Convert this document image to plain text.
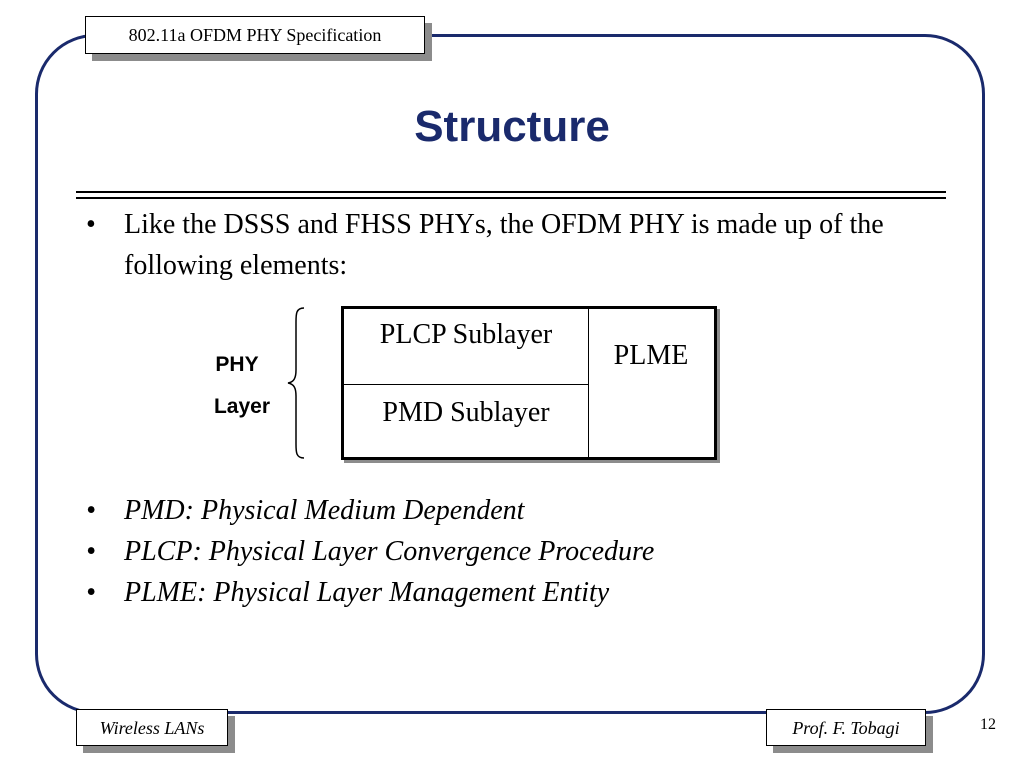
802.11a OFDM PHY Specification
Structure
• Like the DSSS and FHSS PHYs, the OFDM PHY is made up of the following elements:
PHY
Layer
PLCP Sublayer
PMD Sublayer
PLME
• PMD: Physical Medium Dependent
• PLCP: Physical Layer Convergence Procedure
• PLME: Physical Layer Management Entity
Wireless LANs	Prof. F. Tobagi	12
